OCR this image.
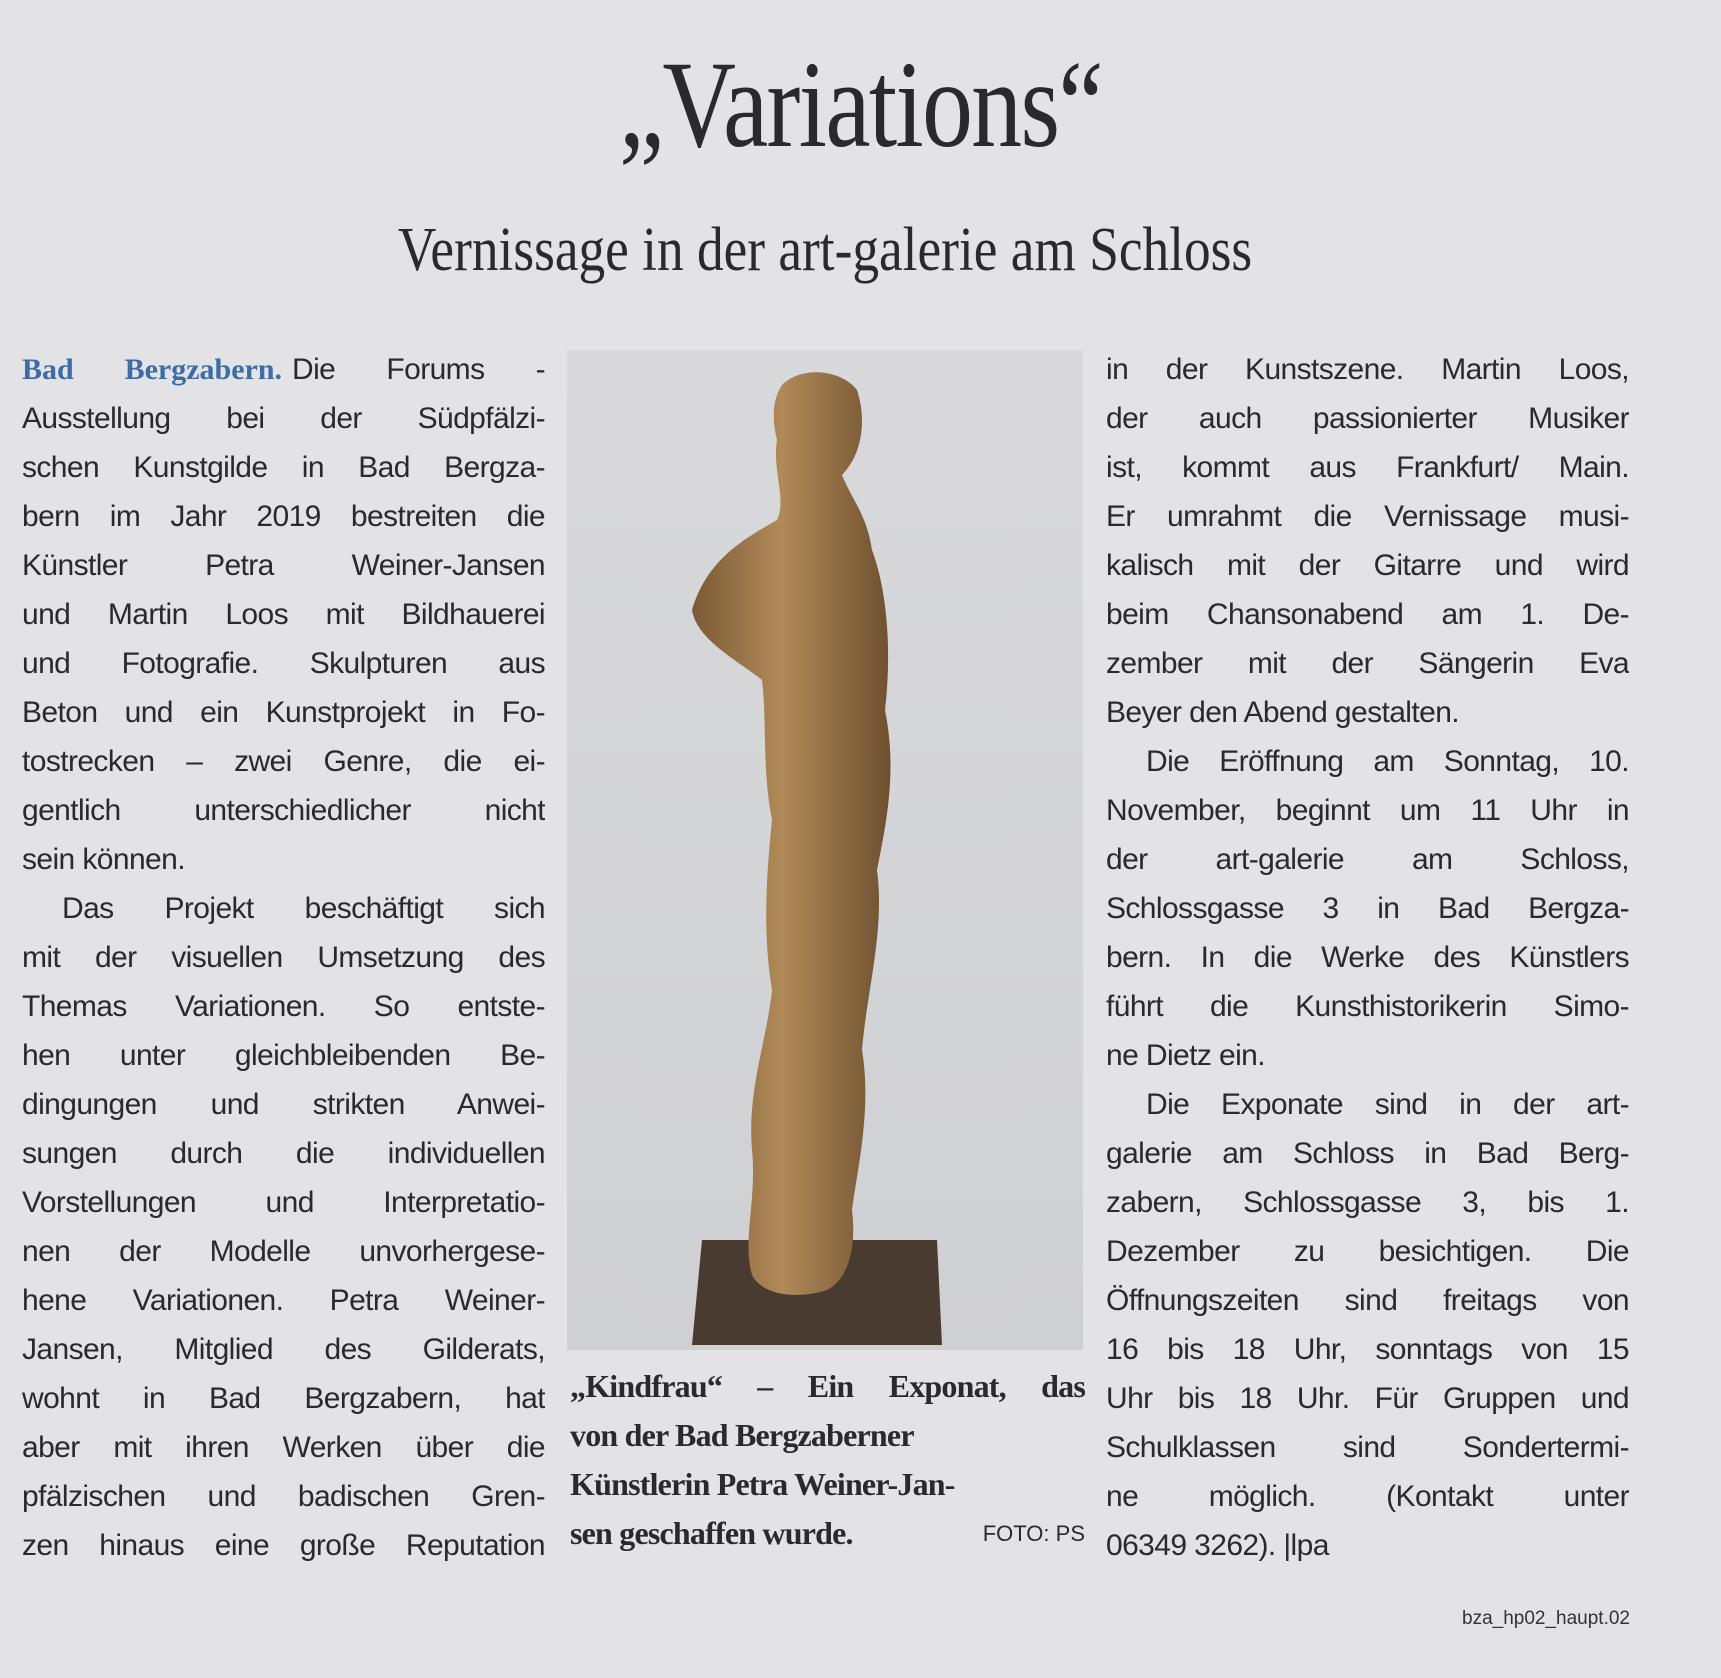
„Variations“
Vernissage in der art-galerie am Schloss
Bad Bergzabern. Die Forums -
Ausstellung bei der Südpfälzi-
schen Kunstgilde in Bad Bergza-
bern im Jahr 2019 bestreiten die
Künstler Petra Weiner-Jansen
und Martin Loos mit Bildhauerei
und Fotografie. Skulpturen aus
Beton und ein Kunstprojekt in Fo-
tostrecken – zwei Genre, die ei-
gentlich unterschiedlicher nicht
sein können.
Das Projekt beschäftigt sich
mit der visuellen Umsetzung des
Themas Variationen. So entste-
hen unter gleichbleibenden Be-
dingungen und strikten Anwei-
sungen durch die individuellen
Vorstellungen und Interpretatio-
nen der Modelle unvorhergese-
hene Variationen. Petra Weiner-
Jansen, Mitglied des Gilderats,
wohnt in Bad Bergzabern, hat
aber mit ihren Werken über die
pfälzischen und badischen Gren-
zen hinaus eine große Reputation
„Kindfrau“ – Ein Exponat, das
von der Bad Bergzaberner
Künstlerin Petra Weiner-Jan-
sen geschaffen wurde.	FOTO: PS
in der Kunstszene. Martin Loos,
der auch passionierter Musiker
ist, kommt aus Frankfurt/ Main.
Er umrahmt die Vernissage musi-
kalisch mit der Gitarre und wird
beim Chansonabend am 1. De-
zember mit der Sängerin Eva
Beyer den Abend gestalten.
Die Eröffnung am Sonntag, 10.
November, beginnt um 11 Uhr in
der art-galerie am Schloss,
Schlossgasse 3 in Bad Bergza-
bern. In die Werke des Künstlers
führt die Kunsthistorikerin Simo-
ne Dietz ein.
Die Exponate sind in der art-
galerie am Schloss in Bad Berg-
zabern, Schlossgasse 3, bis 1.
Dezember zu besichtigen. Die
Öffnungszeiten sind freitags von
16 bis 18 Uhr, sonntags von 15
Uhr bis 18 Uhr. Für Gruppen und
Schulklassen sind Sondertermi-
ne möglich. (Kontakt unter
06349 3262). |lpa
bza_hp02_haupt.02
